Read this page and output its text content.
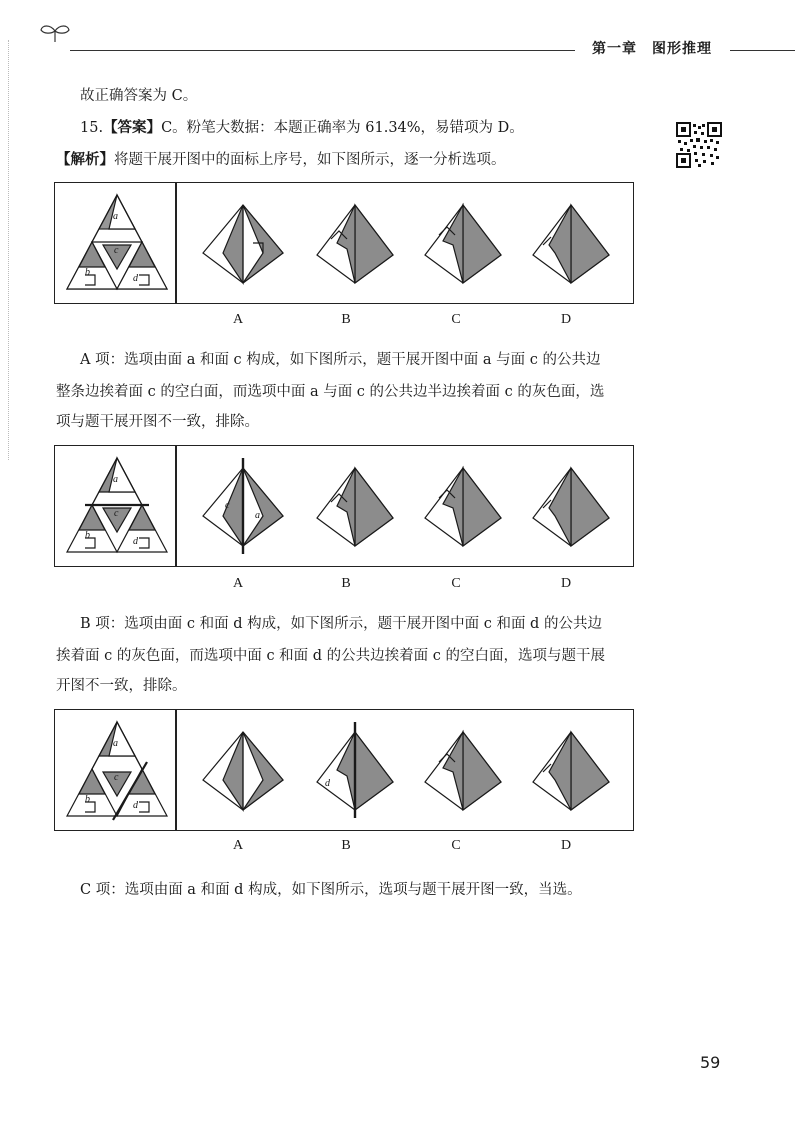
第一章　图形推理
故正确答案为 C。
15.【答案】C。粉笔大数据：本题正确率为 61.34%，易错项为 D。
【解析】将题干展开图中的面标上序号，如下图所示，逐一分析选项。
a
b
c
d
A	B	C	D
A 项：选项由面 a 和面 c 构成，如下图所示，题干展开图中面 a 与面 c 的公共边
整条边挨着面 c 的空白面，而选项中面 a 与面 c 的公共边半边挨着面 c 的灰色面，选
项与题干展开图不一致，排除。
a
b
c
d
c
a
A	B	C	D
B 项：选项由面 c 和面 d 构成，如下图所示，题干展开图中面 c 和面 d 的公共边
挨着面 c 的灰色面，而选项中面 c 和面 d 的公共边挨着面 c 的空白面，选项与题干展
开图不一致，排除。
a
b
c
d
d
A	B	C	D
C 项：选项由面 a 和面 d 构成，如下图所示，选项与题干展开图一致，当选。
59
